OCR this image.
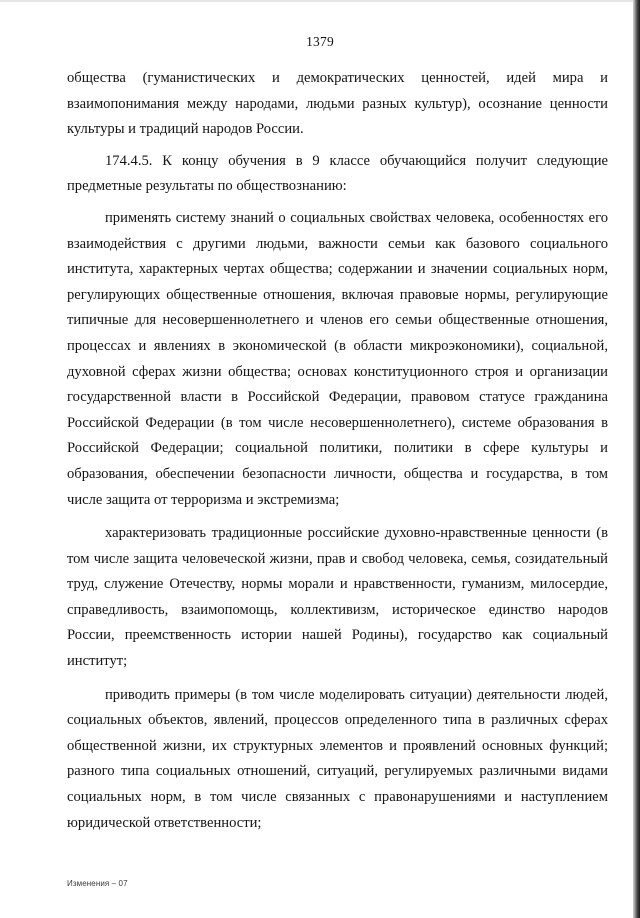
1379

общества (гуманистических и демократических ценностей, идей мира и взаимопонимания между народами, людьми разных культур), осознание ценности культуры и традиций народов России.

174.4.5. К концу обучения в 9 классе обучающийся получит следующие предметные результаты по обществознанию:

применять систему знаний о социальных свойствах человека, особенностях его взаимодействия с другими людьми, важности семьи как базового социального института, характерных чертах общества; содержании и значении социальных норм, регулирующих общественные отношения, включая правовые нормы, регулирующие типичные для несовершеннолетнего и членов его семьи общественные отношения, процессах и явлениях в экономической (в области микроэкономики), социальной, духовной сферах жизни общества; основах конституционного строя и организации государственной власти в Российской Федерации, правовом статусе гражданина Российской Федерации (в том числе несовершеннолетнего), системе образования в Российской Федерации; социальной политики, политики в сфере культуры и образования, обеспечении безопасности личности, общества и государства, в том числе защита от терроризма и экстремизма;

характеризовать традиционные российские духовно-нравственные ценности (в том числе защита человеческой жизни, прав и свобод человека, семья, созидательный труд, служение Отечеству, нормы морали и нравственности, гуманизм, милосердие, справедливость, взаимопомощь, коллективизм, историческое единство народов России, преемственность истории нашей Родины), государство как социальный институт;

приводить примеры (в том числе моделировать ситуации) деятельности людей, социальных объектов, явлений, процессов определенного типа в различных сферах общественной жизни, их структурных элементов и проявлений основных функций; разного типа социальных отношений, ситуаций, регулируемых различными видами социальных норм, в том числе связанных с правонарушениями и наступлением юридической ответственности;

Изменения – 07
